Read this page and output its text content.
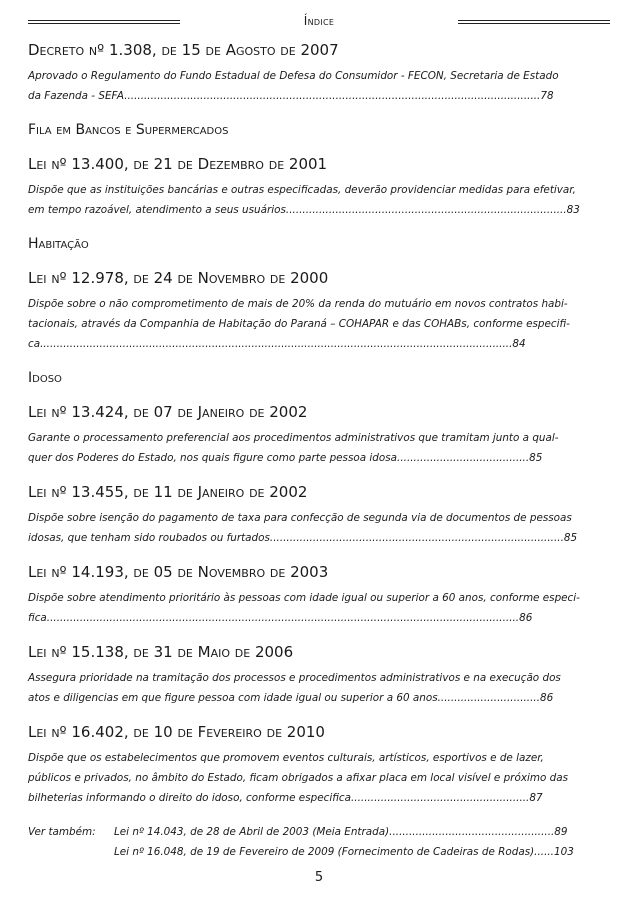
Índice
Decreto nº 1.308, de 15 de Agosto de 2007

Aprovado o Regulamento do Fundo Estadual de Defesa do Consumidor - FECON, Secretaria de Estado

da Fazenda - SEFA..............................................................................................................................78

Fila em Bancos e Supermercados
Lei nº 13.400, de 21 de Dezembro de 2001

Dispõe que as instituições bancárias e outras especificadas, deverão providenciar medidas para efetivar,

em tempo razoável, atendimento a seus usuários.....................................................................................83

Habitação
Lei nº 12.978, de 24 de Novembro de 2000

Dispõe sobre o não comprometimento de mais de 20% da renda do mutuário em novos contratos habi-

tacionais, através da Companhia de Habitação do Paraná – COHAPAR e das COHABs, conforme especifi-

ca...............................................................................................................................................84

Idoso
Lei nº 13.424, de 07 de Janeiro de 2002

Garante o processamento preferencial aos procedimentos administrativos que tramitam junto a qual-

quer dos Poderes do Estado, nos quais figure como parte pessoa idosa........................................85

Lei nº 13.455, de 11 de Janeiro de 2002

Dispõe sobre isenção do pagamento de taxa para confecção de segunda via de documentos de pessoas

idosas, que tenham sido roubados ou furtados.........................................................................................85

Lei nº 14.193, de 05 de Novembro de 2003

Dispõe sobre atendimento prioritário às pessoas com idade igual ou superior a 60 anos, conforme especi-

fica...............................................................................................................................................86

Lei nº 15.138, de 31 de Maio de 2006

Assegura prioridade na tramitação dos processos e procedimentos administrativos e na execução dos

atos e diligencias em que figure pessoa com idade igual ou superior a 60 anos...............................86

Lei nº 16.402, de 10 de Fevereiro de 2010

Dispõe que os estabelecimentos que promovem eventos culturais, artísticos, esportivos e de lazer,

públicos e privados, no âmbito do Estado, ficam obrigados a afixar placa em local visível e próximo das

bilheterias informando o direito do idoso, conforme especifica......................................................87

Ver também:	Lei nº 14.043, de 28 de Abril de 2003 (Meia Entrada)..................................................89
Lei nº 16.048, de 19 de Fevereiro de 2009 (Fornecimento de Cadeiras de Rodas)......103
5
